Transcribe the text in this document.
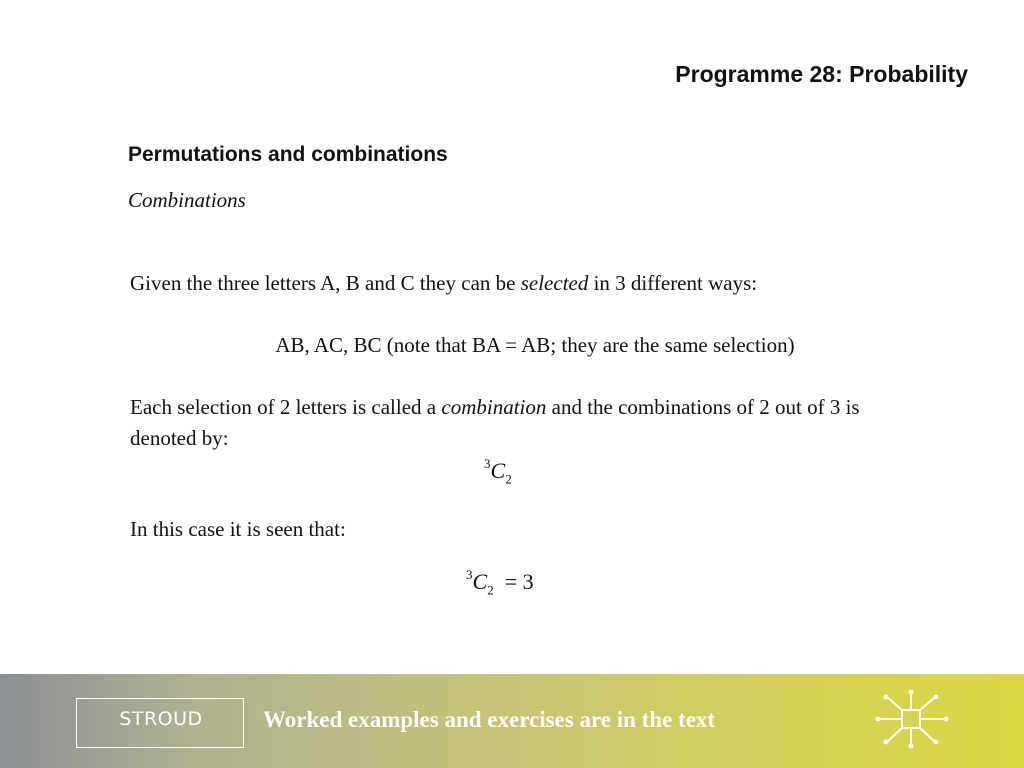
Programme 28: Probability
Permutations and combinations
Combinations
Given the three letters A, B and C they can be selected in 3 different ways:
AB, AC, BC (note that BA = AB; they are the same selection)
Each selection of 2 letters is called a combination and the combinations of 2 out of 3 is denoted by:
$^3C_2$
In this case it is seen that:
$^3C_2 = 3$
STROUD	Worked examples and exercises are in the text
